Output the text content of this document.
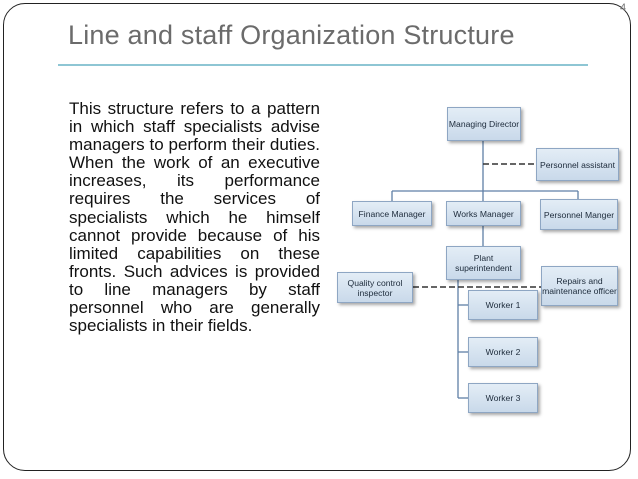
4
Line and staff Organization Structure
This structure refers to a pattern in which staff specialists advise managers to perform their duties. When the work of an executive increases, its performance requires the services of specialists which he himself cannot provide because of his limited capabilities on these fronts. Such advices is provided to line managers by staff personnel who are generally specialists in their fields.
Managing Director
Personnel assistant
Finance Manager	Works Manager	Personnel Manger
Plant superintendent
Quality control inspector
Repairs and maintenance officer
Worker 1
Worker 2
Worker 3
